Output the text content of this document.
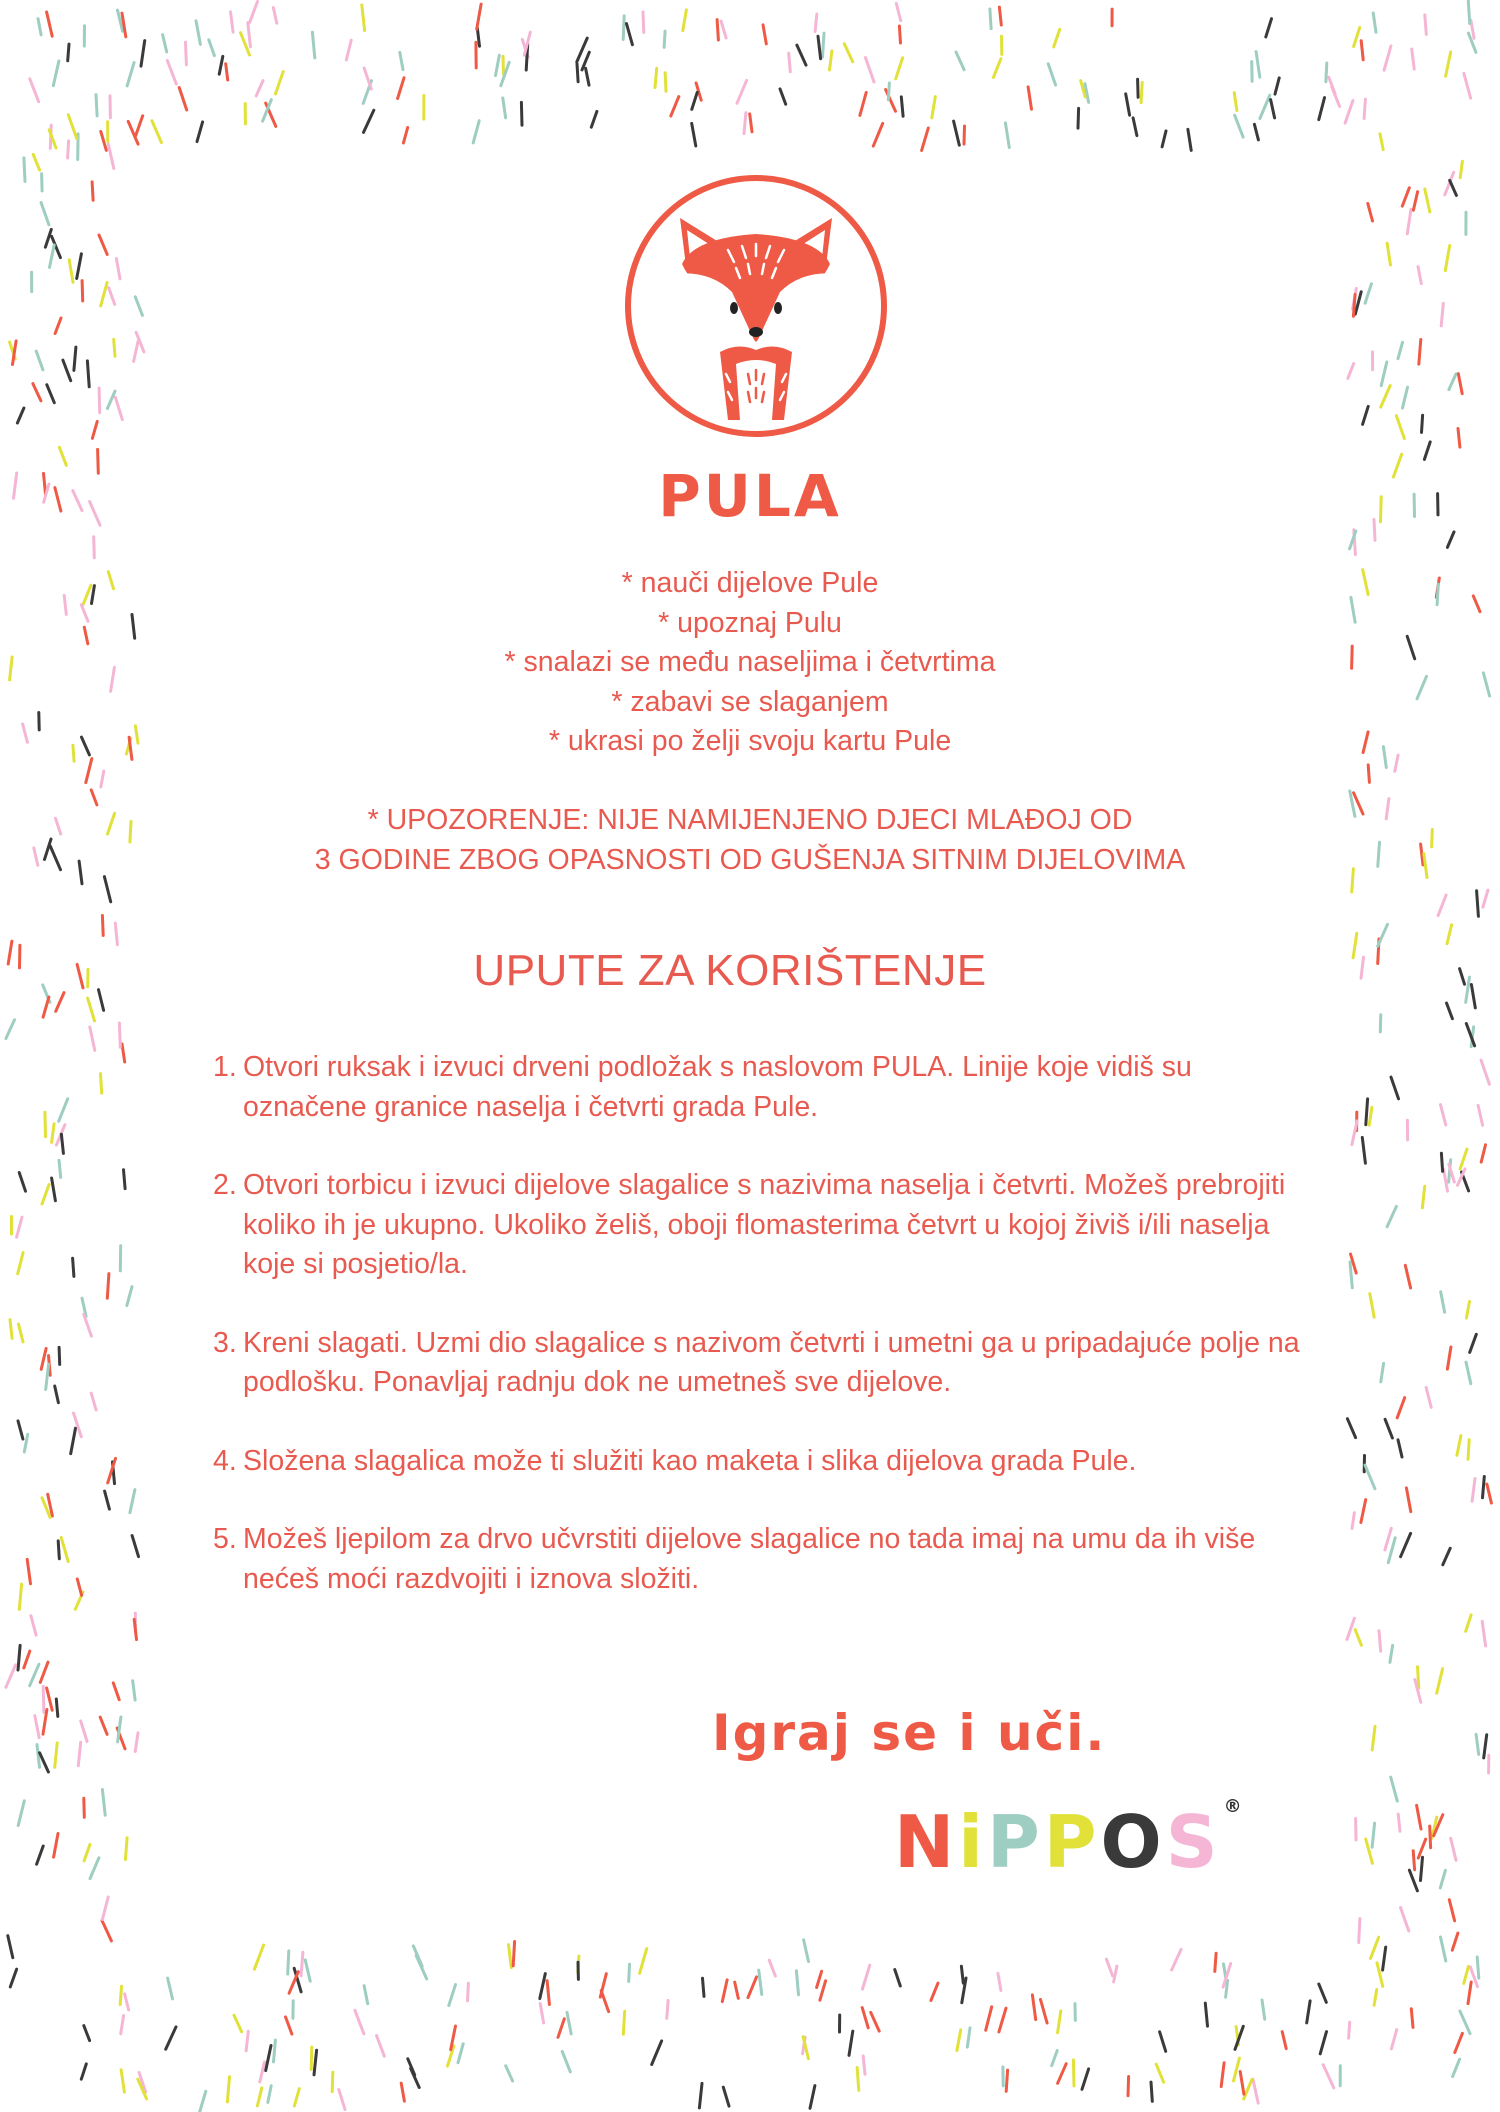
PULA
* nauči dijelove Pule
* upoznaj Pulu
* snalazi se među naseljima i četvrtima
* zabavi se slaganjem
* ukrasi po želji svoju kartu Pule

* UPOZORENJE: NIJE NAMIJENJENO DJECI MLAĐOJ OD
3 GODINE ZBOG OPASNOSTI OD GUŠENJA SITNIM DIJELOVIMA

UPUTE ZA KORIŠTENJE
1. Otvori ruksak i izvuci drveni podložak s naslovom PULA. Linije koje vidiš su označene granice naselja i četvrti grada Pule.
2. Otvori torbicu i izvuci dijelove slagalice s nazivima naselja i četvrti. Možeš prebrojiti koliko ih je ukupno. Ukoliko želiš, oboji flomasterima četvrt u kojoj živiš i/ili naselja koje si posjetio/la.
3. Kreni slagati. Uzmi dio slagalice s nazivom četvrti i umetni ga u pripadajuće polje na podlošku. Ponavljaj radnju dok ne umetneš sve dijelove.
4. Složena slagalica može ti služiti kao maketa i slika dijelova grada Pule.
5. Možeš ljepilom za drvo učvrstiti dijelove slagalice no tada imaj na umu da ih više nećeš moći razdvojiti i iznova složiti.

Igraj se i uči.

NiPPOS ®
